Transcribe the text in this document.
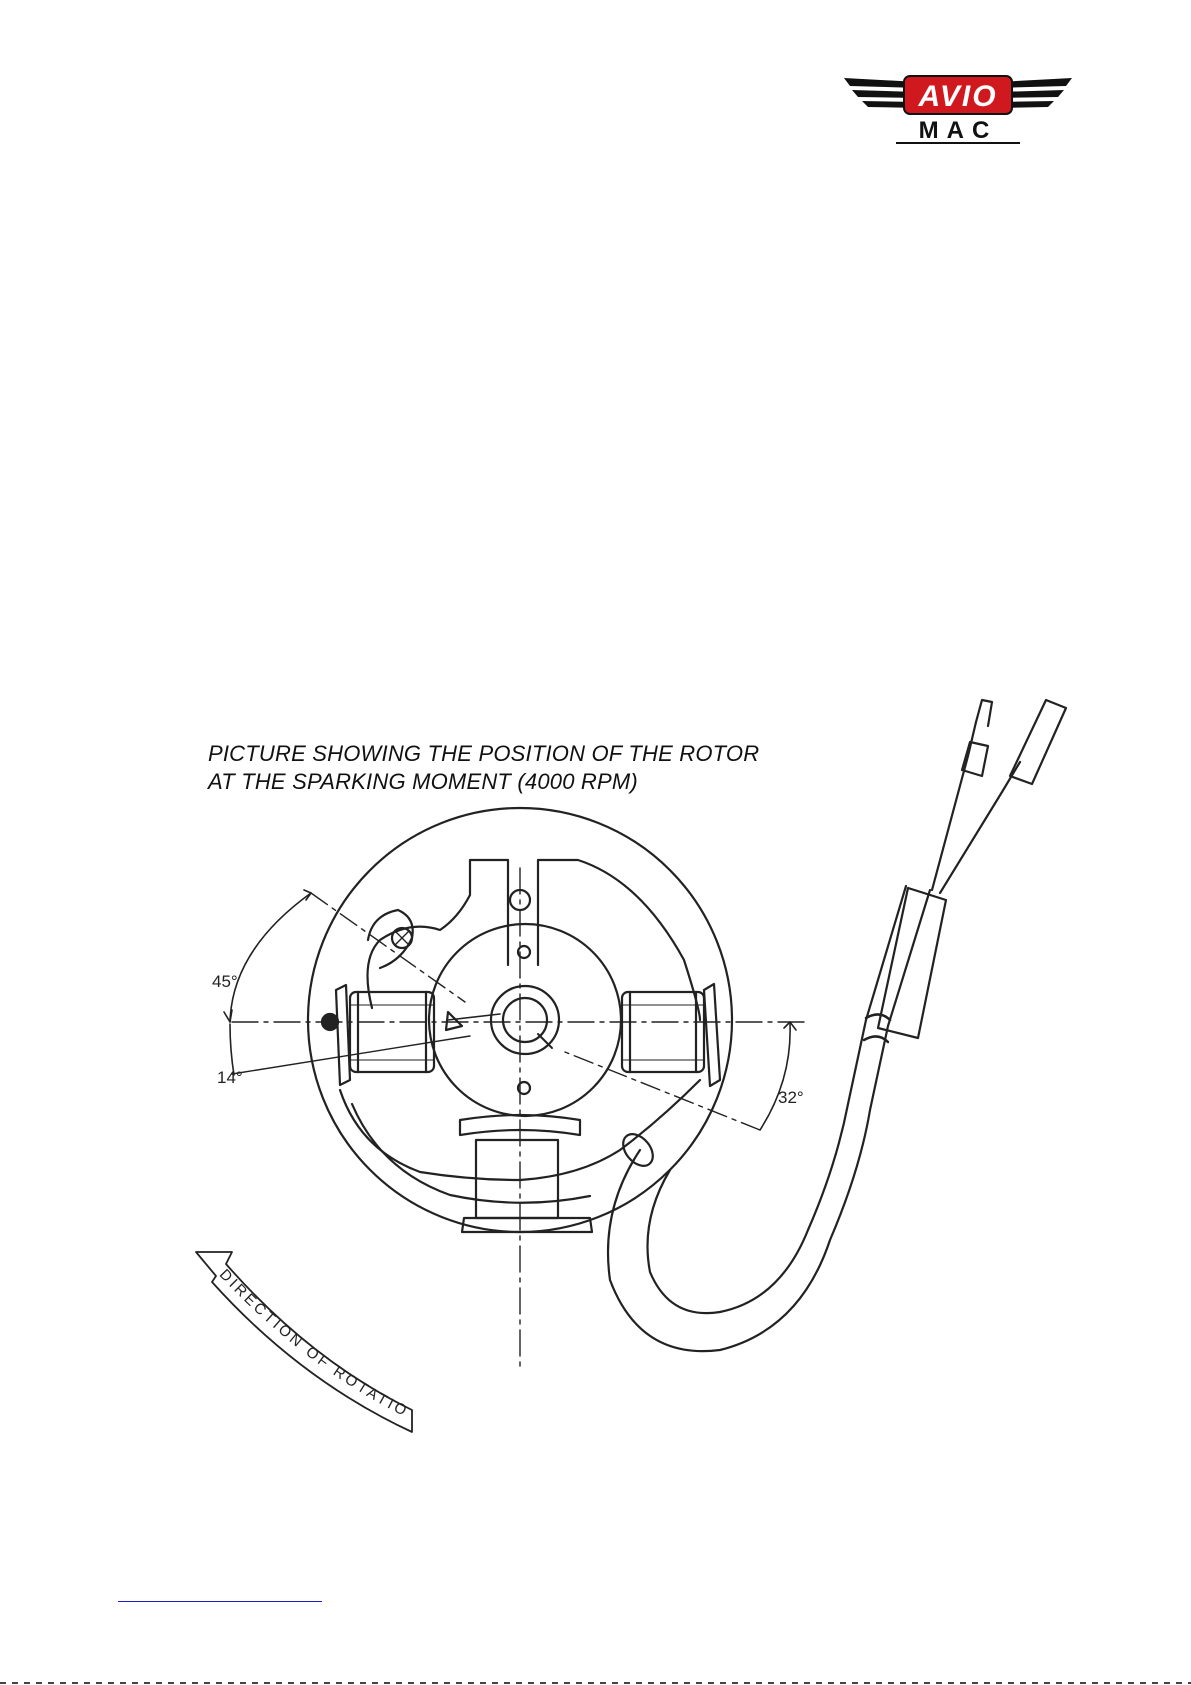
AVIO
MAC
PICTURE SHOWING THE POSITION OF THE ROTOR
AT THE SPARKING MOMENT (4000 RPM)
45°
14°
32°
DIRECTION OF ROTATIO
